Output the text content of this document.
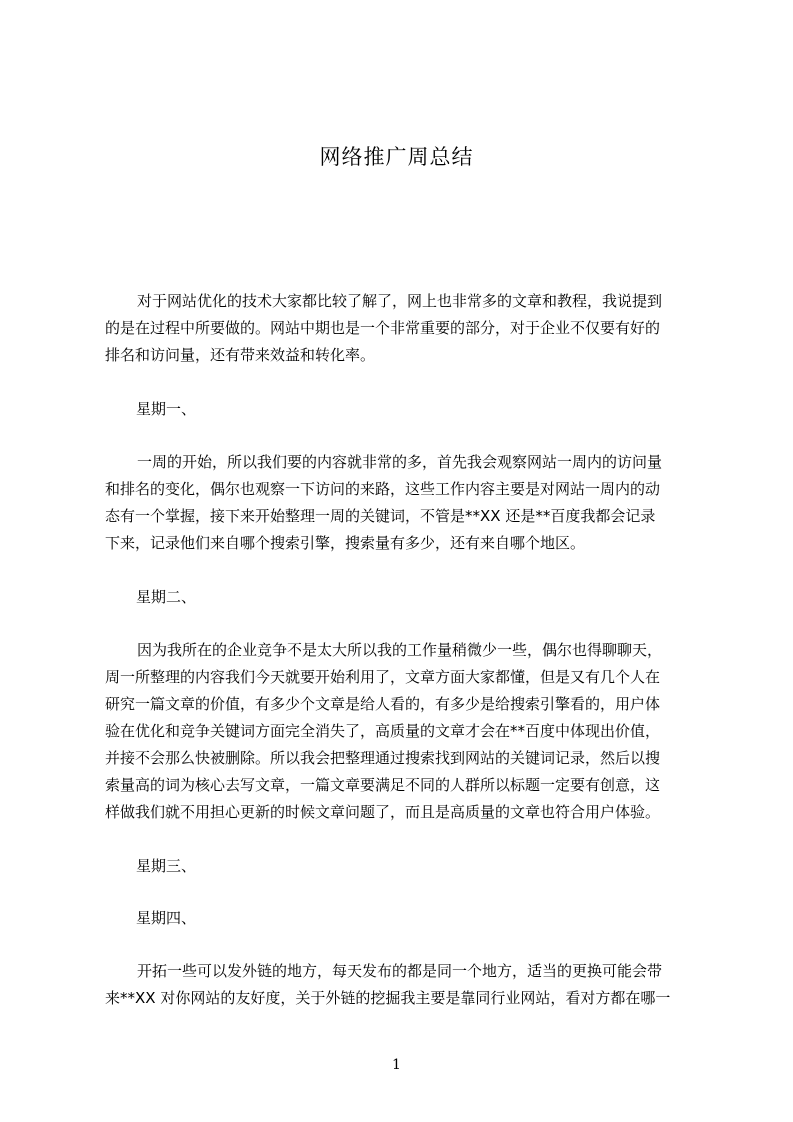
网络推广周总结
对于网站优化的技术大家都比较了解了，网上也非常多的文章和教程，我说提到
的是在过程中所要做的。网站中期也是一个非常重要的部分，对于企业不仅要有好的
排名和访问量，还有带来效益和转化率。
星期一、
一周的开始，所以我们要的内容就非常的多，首先我会观察网站一周内的访问量
和排名的变化，偶尔也观察一下访问的来路，这些工作内容主要是对网站一周内的动
态有一个掌握，接下来开始整理一周的关键词，不管是**XX 还是**百度我都会记录
下来，记录他们来自哪个搜索引擎，搜索量有多少，还有来自哪个地区。
星期二、
因为我所在的企业竞争不是太大所以我的工作量稍微少一些，偶尔也得聊聊天，
周一所整理的内容我们今天就要开始利用了，文章方面大家都懂，但是又有几个人在
研究一篇文章的价值，有多少个文章是给人看的，有多少是给搜索引擎看的，用户体
验在优化和竞争关键词方面完全消失了，高质量的文章才会在**百度中体现出价值，
并接不会那么快被删除。所以我会把整理通过搜索找到网站的关键词记录，然后以搜
索量高的词为核心去写文章，一篇文章要满足不同的人群所以标题一定要有创意，这
样做我们就不用担心更新的时候文章问题了，而且是高质量的文章也符合用户体验。
星期三、
星期四、
开拓一些可以发外链的地方，每天发布的都是同一个地方，适当的更换可能会带
来**XX 对你网站的友好度，关于外链的挖掘我主要是靠同行业网站，看对方都在哪一
1
